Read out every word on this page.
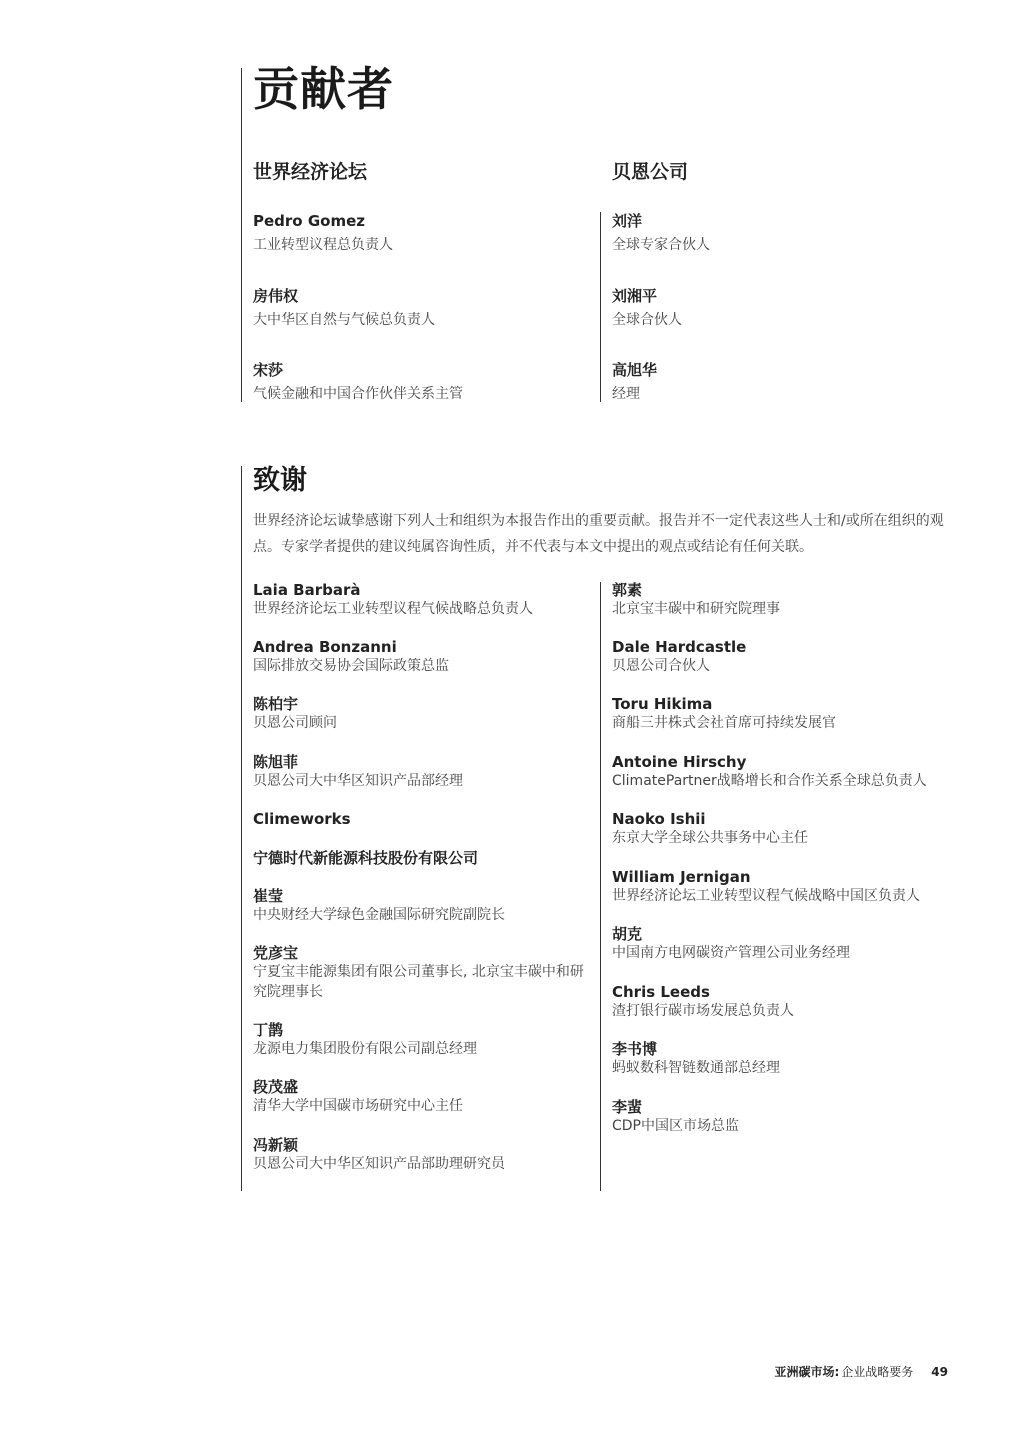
贡献者
世界经济论坛	贝恩公司
Pedro Gomez
工业转型议程总负责人
房伟权
大中华区自然与气候总负责人
宋莎
气候金融和中国合作伙伴关系主管
刘洋
全球专家合伙人
刘湘平
全球合伙人
高旭华
经理
致谢
世界经济论坛诚挚感谢下列人士和组织为本报告作出的重要贡献。报告并不一定代表这些人士和/或所在组织的观点。专家学者提供的建议纯属咨询性质，并不代表与本文中提出的观点或结论有任何关联。
Laia Barbarà
世界经济论坛工业转型议程气候战略总负责人
Andrea Bonzanni
国际排放交易协会国际政策总监
陈柏宇
贝恩公司顾问
陈旭菲
贝恩公司大中华区知识产品部经理
Climeworks
宁德时代新能源科技股份有限公司
崔莹
中央财经大学绿色金融国际研究院副院长
党彦宝
宁夏宝丰能源集团有限公司董事长, 北京宝丰碳中和研究院理事长
丁鹊
龙源电力集团股份有限公司副总经理
段茂盛
清华大学中国碳市场研究中心主任
冯新颖
贝恩公司大中华区知识产品部助理研究员
郭素
北京宝丰碳中和研究院理事
Dale Hardcastle
贝恩公司合伙人
Toru Hikima
商船三井株式会社首席可持续发展官
Antoine Hirschy
ClimatePartner战略增长和合作关系全球总负责人
Naoko Ishii
东京大学全球公共事务中心主任
William Jernigan
世界经济论坛工业转型议程气候战略中国区负责人
胡克
中国南方电网碳资产管理公司业务经理
Chris Leeds
渣打银行碳市场发展总负责人
李书博
蚂蚁数科智链数通部总经理
李蜚
CDP中国区市场总监
亚洲碳市场: 企业战略要务 49
